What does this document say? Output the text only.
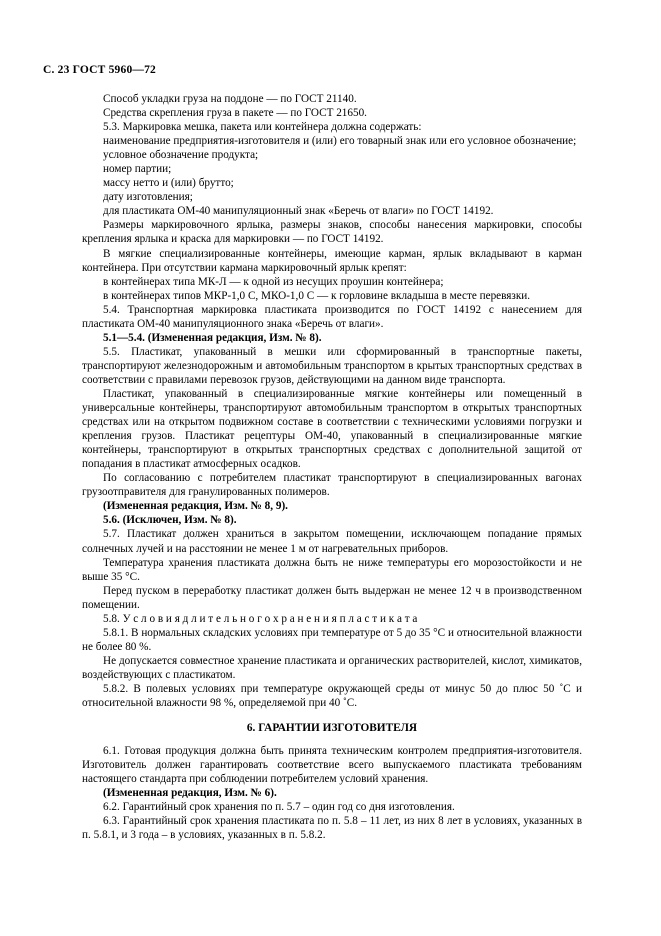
С. 23 ГОСТ 5960—72

Способ укладки груза на поддоне –– по ГОСТ 21140.

Средства скрепления груза в пакете –– по ГОСТ 21650.

5.3. Маркировка мешка, пакета или контейнера должна содержать:

наименование предприятия-изготовителя и (или) его товарный знак или его условное обозначение;

условное обозначение продукта;

номер партии;

массу нетто и (или) брутто;

дату изготовления;

для пластиката ОМ-40 манипуляционный знак «Беречь от влаги» по ГОСТ 14192.

Размеры маркировочного ярлыка, размеры знаков, способы нанесения маркировки, способы крепления ярлыка и краска для маркировки — по ГОСТ 14192.

В мягкие специализированные контейнеры, имеющие карман, ярлык вкладывают в карман контейнера. При отсутствии кармана маркировочный ярлык крепят:

в контейнерах типа МК-Л — к одной из несущих проушин контейнера;

в контейнерах типов МКР-1,0 С, МКО-1,0 С — к горловине вкладыша в месте перевязки.

5.4. Транспортная маркировка пластиката производится по ГОСТ 14192 с нанесением для пластиката ОМ-40 манипуляционного знака «Беречь от влаги».

5.1—5.4. (Измененная редакция, Изм. № 8).

5.5. Пластикат, упакованный в мешки или сформированный в транспортные пакеты, транспортируют железнодорожным и автомобильным транспортом в крытых транспортных средствах в соответствии с правилами перевозок грузов, действующими на данном виде транспорта.

Пластикат, упакованный в специализированные мягкие контейнеры или помещенный в универсальные контейнеры, транспортируют автомобильным транспортом в открытых транспортных средствах или на открытом подвижном составе в соответствии с техническими условиями погрузки и крепления грузов. Пластикат рецептуры ОМ-40, упакованный в специализированные мягкие контейнеры, транспортируют в открытых транспортных средствах с дополнительной защитой от попадания в пластикат атмосферных осадков.

По согласованию с потребителем пластикат транспортируют в специализированных вагонах грузоотправителя для гранулированных полимеров.

(Измененная редакция, Изм. № 8, 9).

5.6. (Исключен, Изм. № 8).

5.7. Пластикат должен храниться в закрытом помещении, исключающем попадание прямых солнечных лучей и на расстоянии не менее 1 м от нагревательных приборов.

Температура хранения пластиката должна быть не ниже температуры его морозостойкости и не выше 35 °С.

Перед пуском в переработку пластикат должен быть выдержан не менее 12 ч в производственном помещении.

5.8. У с л о в и я д л и т е л ь н о г о х р а н е н и я п л а с т и к а т а

5.8.1. В нормальных складских условиях при температуре от 5 до 35 °С и относительной влажности не более 80 %.

Не допускается совместное хранение пластиката и органических растворителей, кислот, химикатов, воздействующих с пластикатом.

5.8.2. В полевых условиях при температуре окружающей среды от минус 50 до плюс 50 ˚С и относительной влажности 98 %, определяемой при 40 ˚С.

6. ГАРАНТИИ ИЗГОТОВИТЕЛЯ

6.1. Готовая продукция должна быть принята техническим контролем предприятия-изготовителя. Изготовитель должен гарантировать соответствие всего выпускаемого пластиката требованиям настоящего стандарта при соблюдении потребителем условий хранения.

(Измененная редакция, Изм. № 6).

6.2. Гарантийный срок хранения по п. 5.7 – один год со дня изготовления.

6.3. Гарантийный срок хранения пластиката по п. 5.8 – 11 лет, из них 8 лет в условиях, указанных в п. 5.8.1, и 3 года – в условиях, указанных в п. 5.8.2.
